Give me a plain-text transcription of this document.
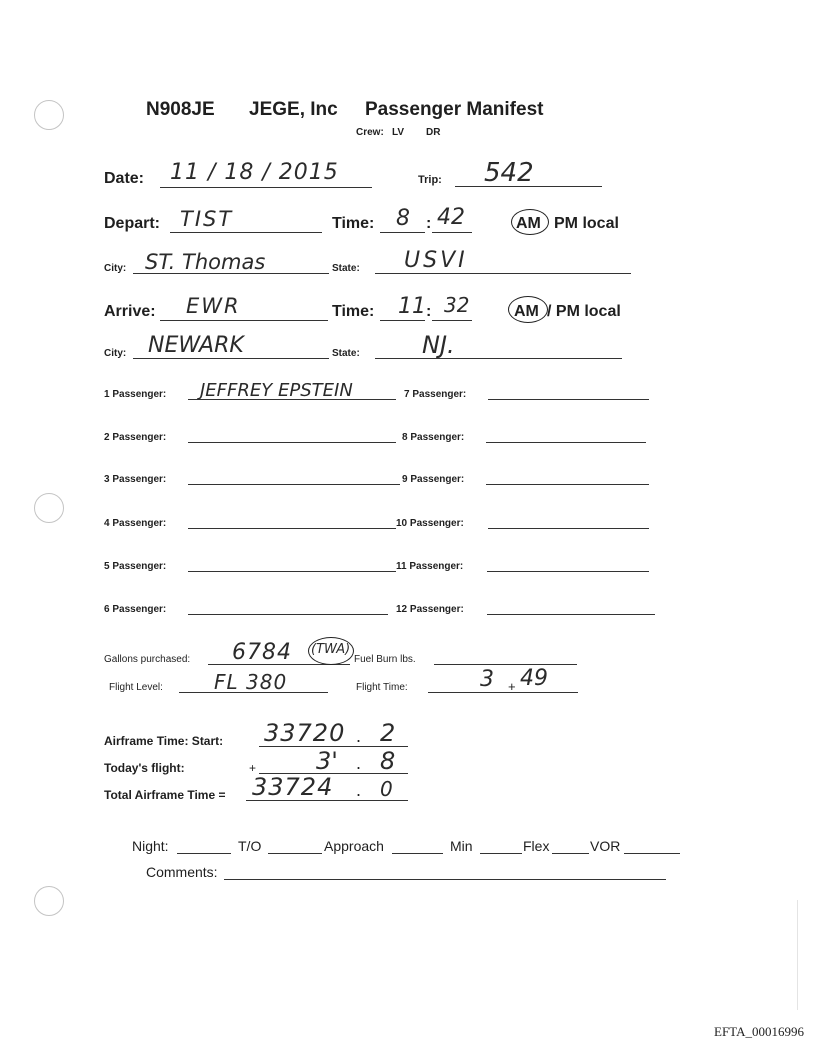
N908JE JEGE, Inc Passenger Manifest
Crew: LV DR
Date: 11 / 18 / 2015	Trip: 542
Depart: TIST	Time: 8 : 42	AM PM local
City: ST. Thomas	State: USVI
Arrive: EWR	Time: 11 : 32	AM / PM local
City: NEWARK	State:	NJ.
1 Passenger: JEFFREY EPSTEIN
2 Passenger:
3 Passenger:
4 Passenger:
5 Passenger:
6 Passenger:
7 Passenger:
8 Passenger:
9 Passenger:
10 Passenger:
11 Passenger:
12 Passenger:
Gallons purchased: 6784 (TWA)
Fuel Burn lbs.
Flight Level:	FL 380	Flight Time:	3 + 49
Airframe Time: Start: 33720 . 2
Today's flight:	+ 3' . 8
Total Airframe Time = 33724 . 0
Night:	T/O	Approach	Min	Flex	VOR
Comments:
EFTA_00016996
